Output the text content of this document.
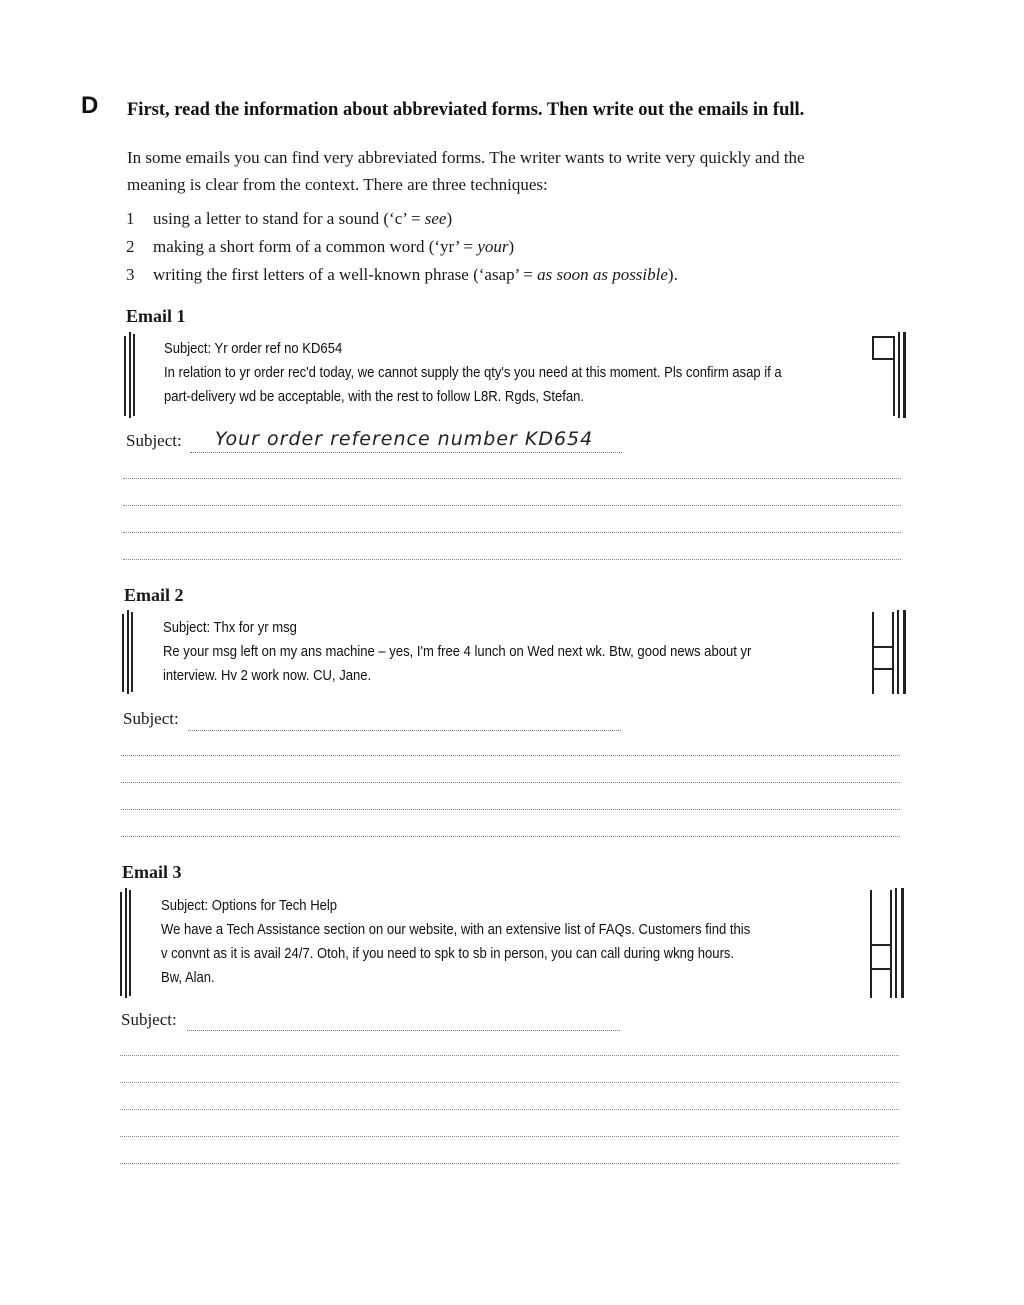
D First, read the information about abbreviated forms. Then write out the emails in full.

In some emails you can find very abbreviated forms. The writer wants to write very quickly and the

meaning is clear from the context. There are three techniques:

1 using a letter to stand for a sound (‘c’ = see)
2 making a short form of a common word (‘yr’ = your)
3 writing the first letters of a well-known phrase (‘asap’ = as soon as possible).
Email 1
Subject: Yr order ref no KD654
In relation to yr order rec'd today, we cannot supply the qty's you need at this moment. Pls confirm asap if a
part-delivery wd be acceptable, with the rest to follow L8R. Rgds, Stefan.
Subject: Your order reference number KD654
Email 2
Subject: Thx for yr msg
Re your msg left on my ans machine – yes, I'm free 4 lunch on Wed next wk. Btw, good news about yr
interview. Hv 2 work now. CU, Jane.
Subject:
Email 3
Subject: Options for Tech Help
We have a Tech Assistance section on our website, with an extensive list of FAQs. Customers find this
v convnt as it is avail 24/7. Otoh, if you need to spk to sb in person, you can call during wkng hours.
Bw, Alan.
Subject:
